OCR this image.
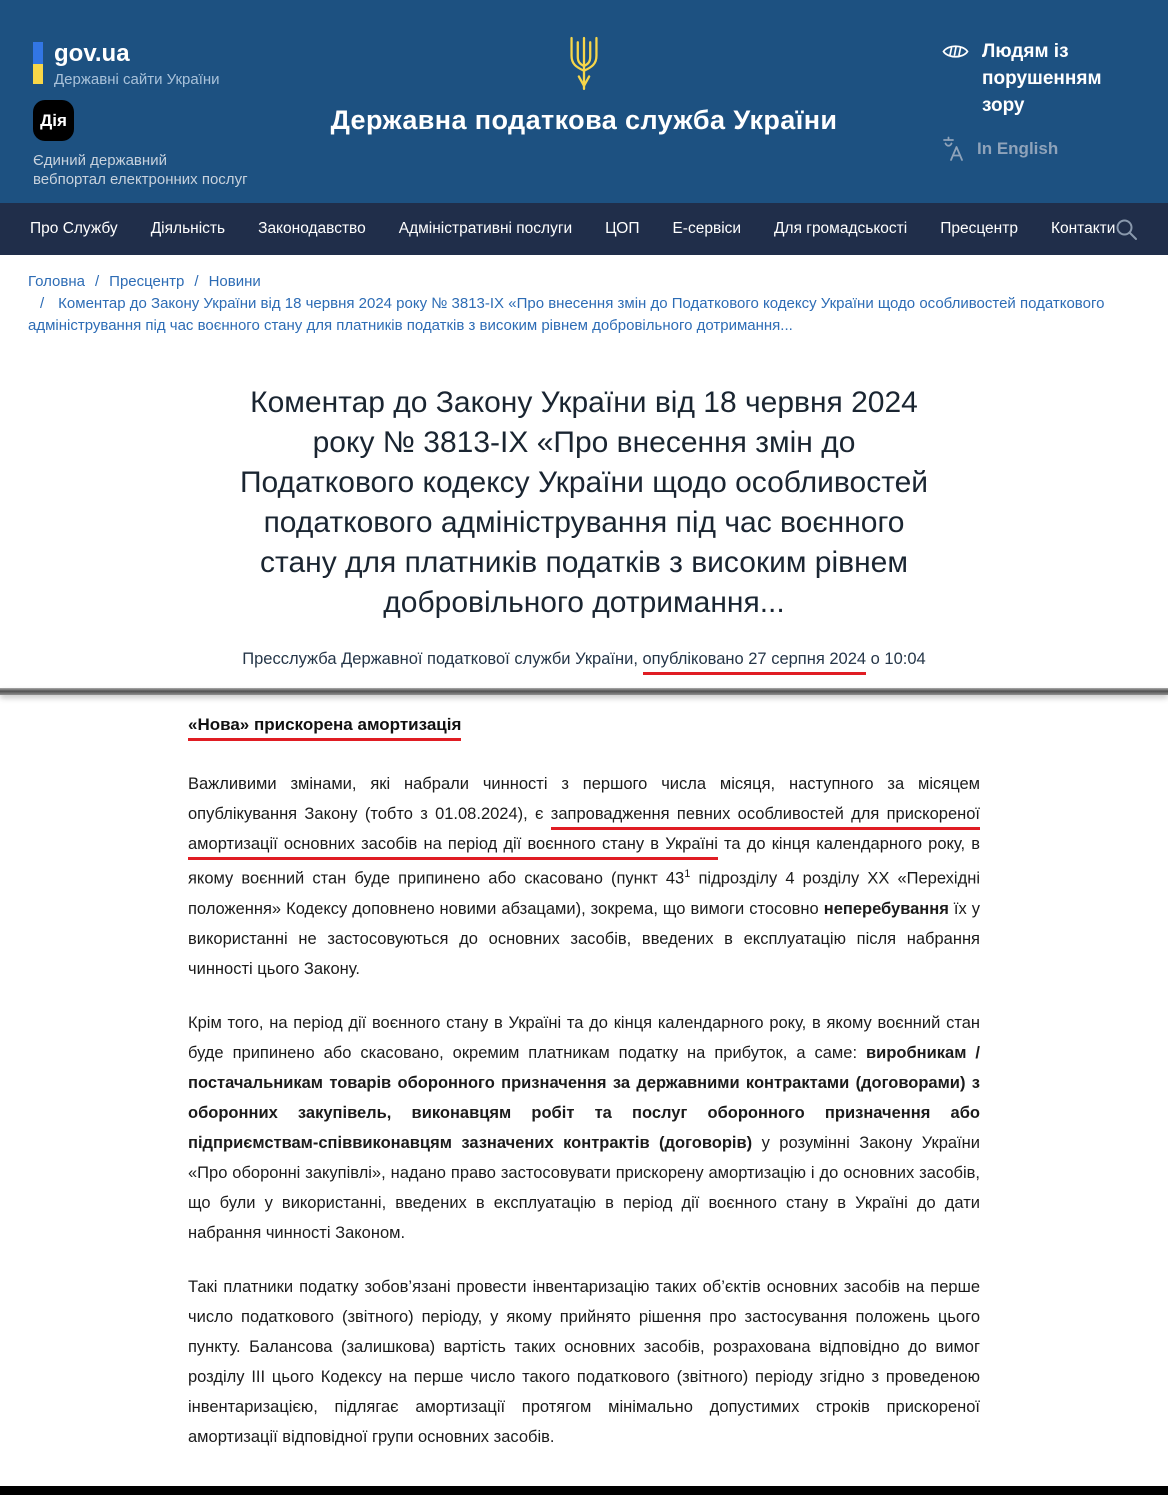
gov.ua
Державні сайти України
Дія
Єдиний державний
вебпортал електронних послуг
Державна податкова служба України
Людям із порушенням зору
In English
Про Службу Діяльність Законодавство Адміністративні послуги ЦОП Е-сервіси Для громадськості Пресцентр Контакти
Головна / Пресцентр / Новини
/ Коментар до Закону України від 18 червня 2024 року № 3813-IX «Про внесення змін до Податкового кодексу України щодо особливостей податкового адміністрування під час воєнного стану для платників податків з високим рівнем добровільного дотримання...
Коментар до Закону України від 18 червня 2024 року № 3813-IX «Про внесення змін до Податкового кодексу України щодо особливостей податкового адміністрування під час воєнного стану для платників податків з високим рівнем добровільного дотримання...
Пресслужба Державної податкової служби України, опубліковано 27 серпня 2024 о 10:04
«Нова» прискорена амортизація

Важливими змінами, які набрали чинності з першого числа місяця, наступного за місяцем опублікування Закону (тобто з 01.08.2024), є запровадження певних особливостей для прискореної амортизації основних засобів на період дії воєнного стану в Україні та до кінця календарного року, в якому воєнний стан буде припинено або скасовано (пункт $43^1$ підрозділу 4 розділу ХХ «Перехідні положення» Кодексу доповнено новими абзацами), зокрема, що вимоги стосовно неперебування їх у використанні не застосовуються до основних засобів, введених в експлуатацію після набрання чинності цього Закону.

Крім того, на період дії воєнного стану в Україні та до кінця календарного року, в якому воєнний стан буде припинено або скасовано, окремим платникам податку на прибуток, а саме: виробникам / постачальникам товарів оборонного призначення за державними контрактами (договорами) з оборонних закупівель, виконавцям робіт та послуг оборонного призначення або підприємствам-співвиконавцям зазначених контрактів (договорів) у розумінні Закону України «Про оборонні закупівлі», надано право застосовувати прискорену амортизацію і до основних засобів, що були у використанні, введених в експлуатацію в період дії воєнного стану в Україні до дати набрання чинності Законом.

Такі платники податку зобов’язані провести інвентаризацію таких об’єктів основних засобів на перше число податкового (звітного) періоду, у якому прийнято рішення про застосування положень цього пункту. Балансова (залишкова) вартість таких основних засобів, розрахована відповідно до вимог розділу ІІІ цього Кодексу на перше число такого податкового (звітного) періоду згідно з проведеною інвентаризацією, підлягає амортизації протягом мінімально допустимих строків прискореної амортизації відповідної групи основних засобів.
